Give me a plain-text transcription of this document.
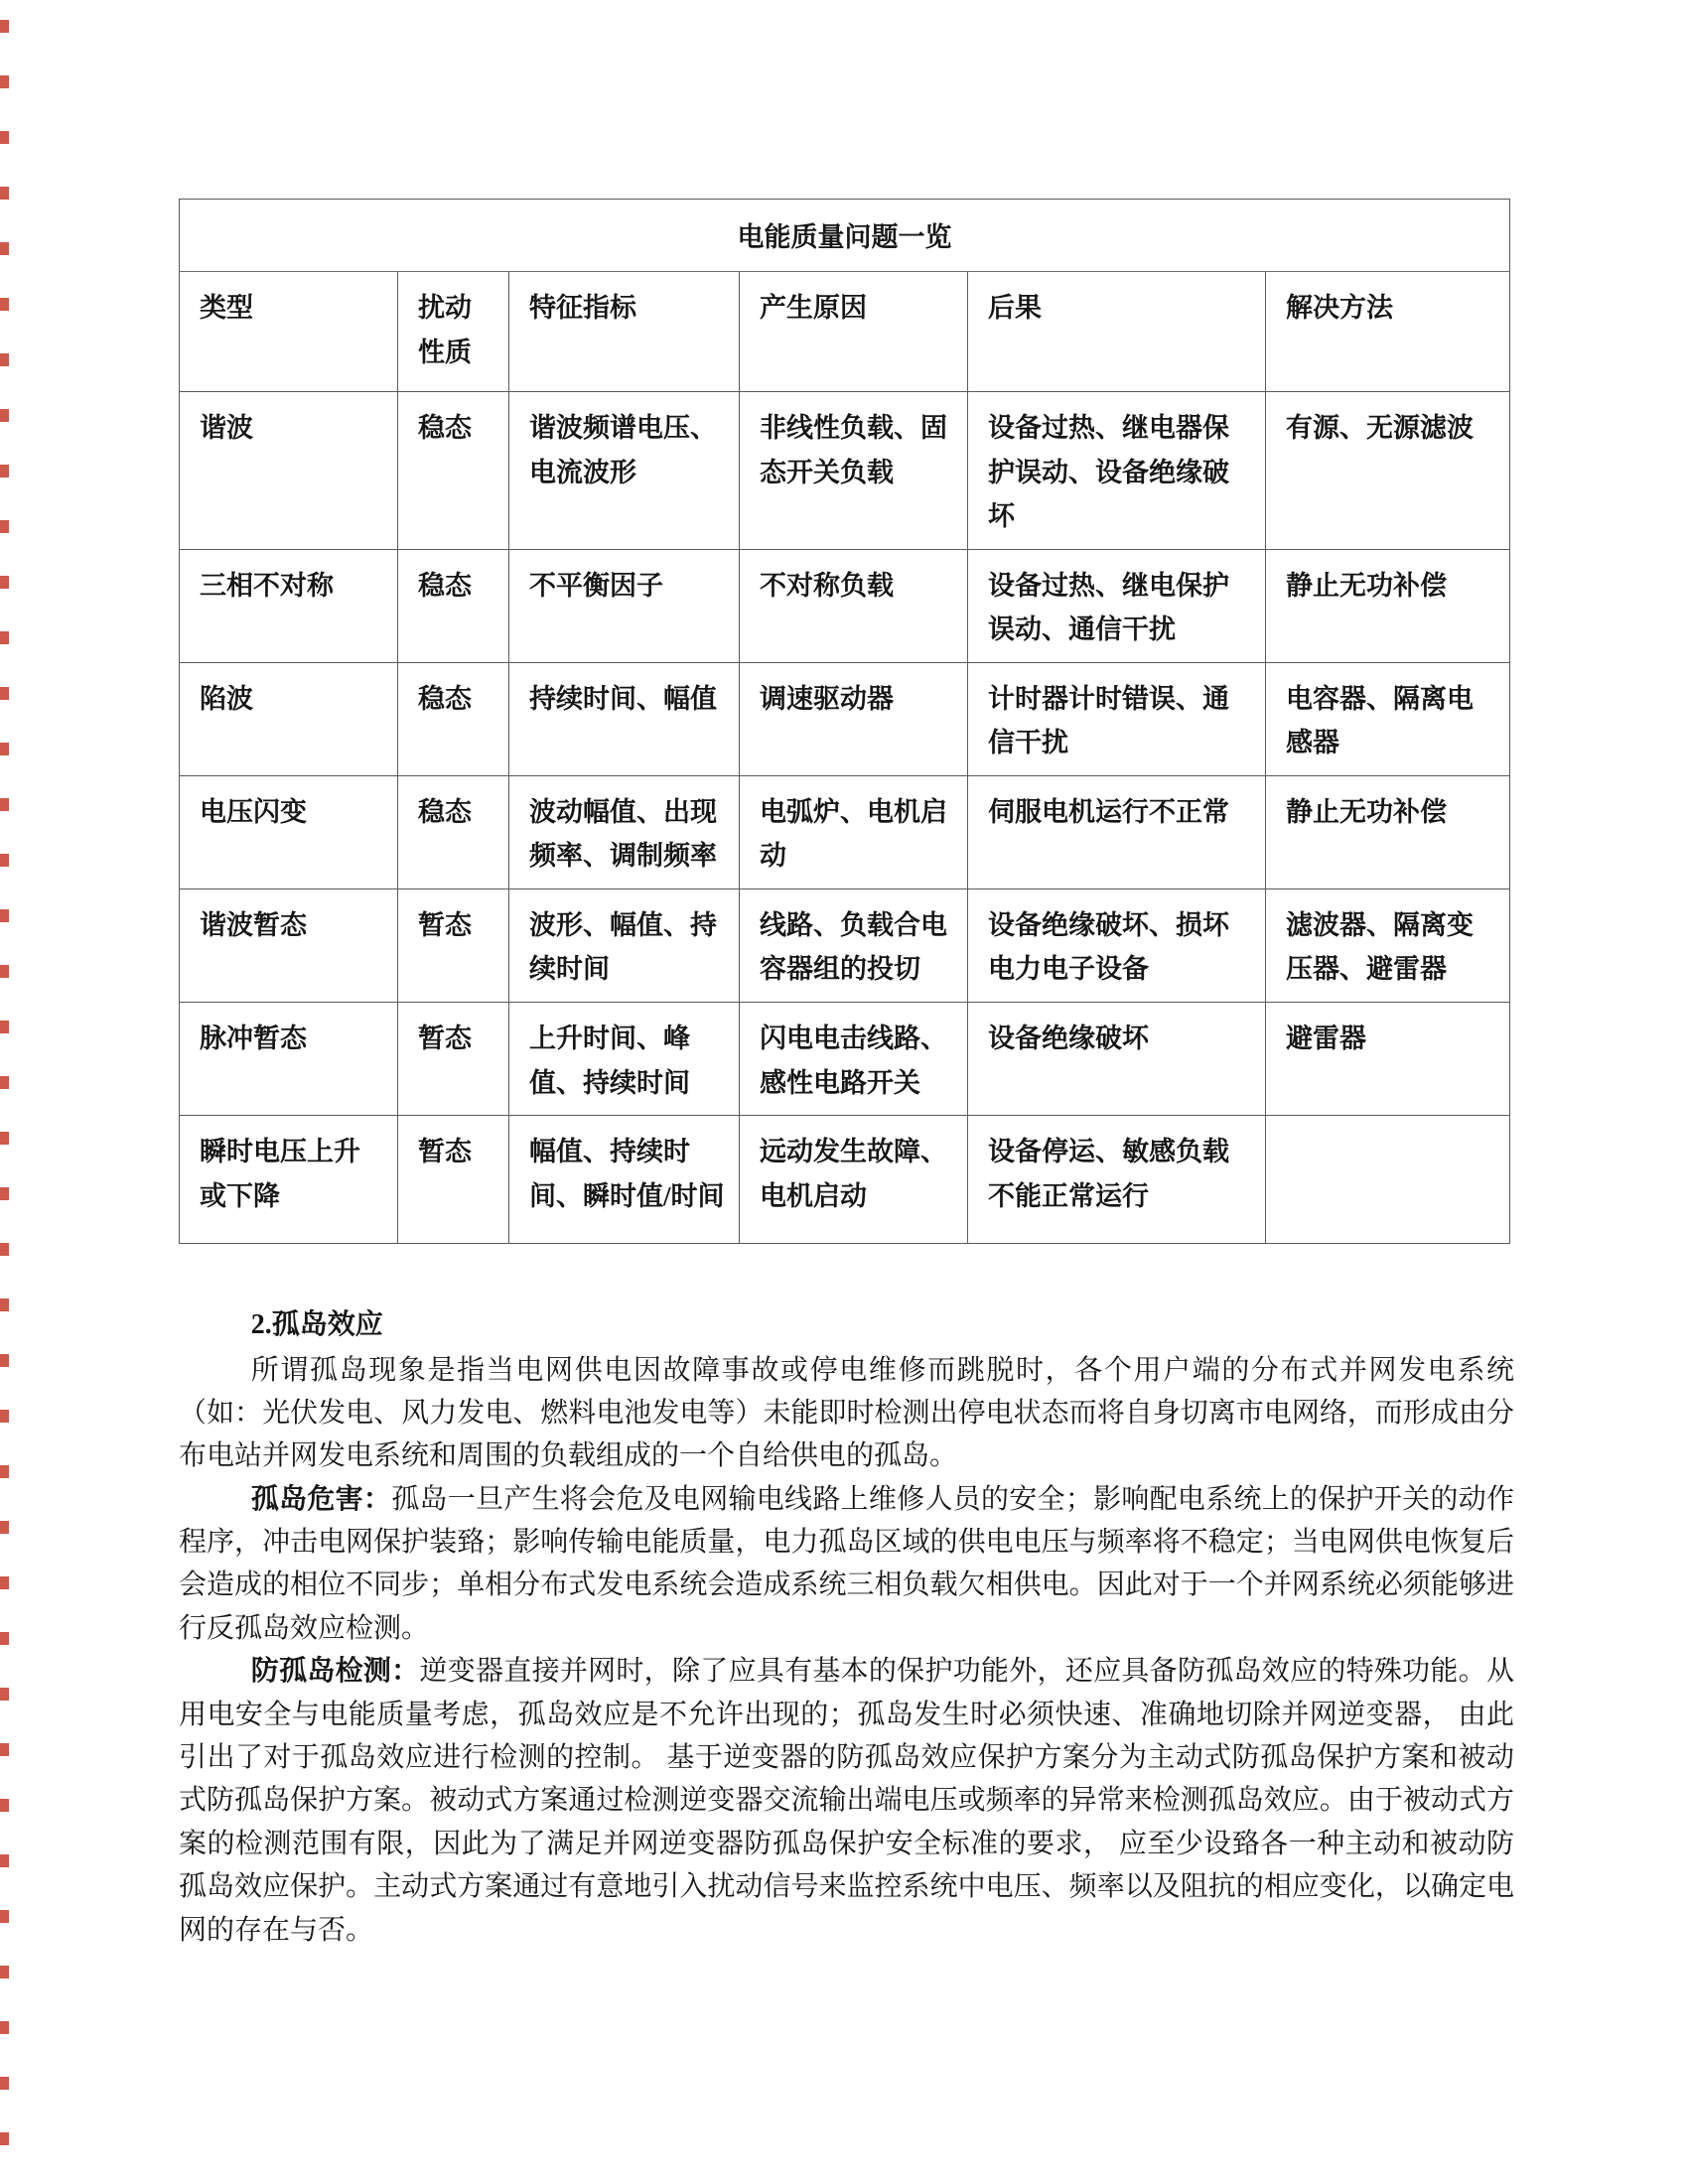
电能质量问题一览					
类型	扰动性质	特征指标	产生原因	后果	解决方法
谐波	稳态	谐波频谱电压、电流波形	非线性负载、固态开关负载	设备过热、继电器保护误动、设备绝缘破坏	有源、无源滤波
三相不对称	稳态	不平衡因子	不对称负载	设备过热、继电保护误动、通信干扰	静止无功补偿
陷波	稳态	持续时间、幅值	调速驱动器	计时器计时错误、通信干扰	电容器、隔离电感器
电压闪变	稳态	波动幅值、出现频率、调制频率	电弧炉、电机启动	伺服电机运行不正常	静止无功补偿
谐波暂态	暂态	波形、幅值、持续时间	线路、负载合电容器组的投切	设备绝缘破坏、损坏电力电子设备	滤波器、隔离变压器、避雷器
脉冲暂态	暂态	上升时间、峰值、持续时间	闪电电击线路、感性电路开关	设备绝缘破坏	避雷器
瞬时电压上升或下降	暂态	幅值、持续时间、瞬时值/时间	远动发生故障、电机启动	设备停运、敏感负载不能正常运行	

2.孤岛效应

所谓孤岛现象是指当电网供电因故障事故或停电维修而跳脱时，各个用户端的分布式并网发电系统（如：光伏发电、风力发电、燃料电池发电等）未能即时检测出停电状态而将自身切离市电网络，而形成由分布电站并网发电系统和周围的负载组成的一个自给供电的孤岛。

孤岛危害：孤岛一旦产生将会危及电网输电线路上维修人员的安全；影响配电系统上的保护开关的动作程序，冲击电网保护装臵；影响传输电能质量，电力孤岛区域的供电电压与频率将不稳定；当电网供电恢复后会造成的相位不同步；单相分布式发电系统会造成系统三相负载欠相供电。因此对于一个并网系统必须能够进行反孤岛效应检测。

防孤岛检测：逆变器直接并网时，除了应具有基本的保护功能外，还应具备防孤岛效应的特殊功能。从用电安全与电能质量考虑，孤岛效应是不允许出现的；孤岛发生时必须快速、准确地切除并网逆变器， 由此引出了对于孤岛效应进行检测的控制。 基于逆变器的防孤岛效应保护方案分为主动式防孤岛保护方案和被动式防孤岛保护方案。被动式方案通过检测逆变器交流输出端电压或频率的异常来检测孤岛效应。由于被动式方案的检测范围有限，因此为了满足并网逆变器防孤岛保护安全标准的要求， 应至少设臵各一种主动和被动防孤岛效应保护。主动式方案通过有意地引入扰动信号来监控系统中电压、频率以及阻抗的相应变化，以确定电网的存在与否。
